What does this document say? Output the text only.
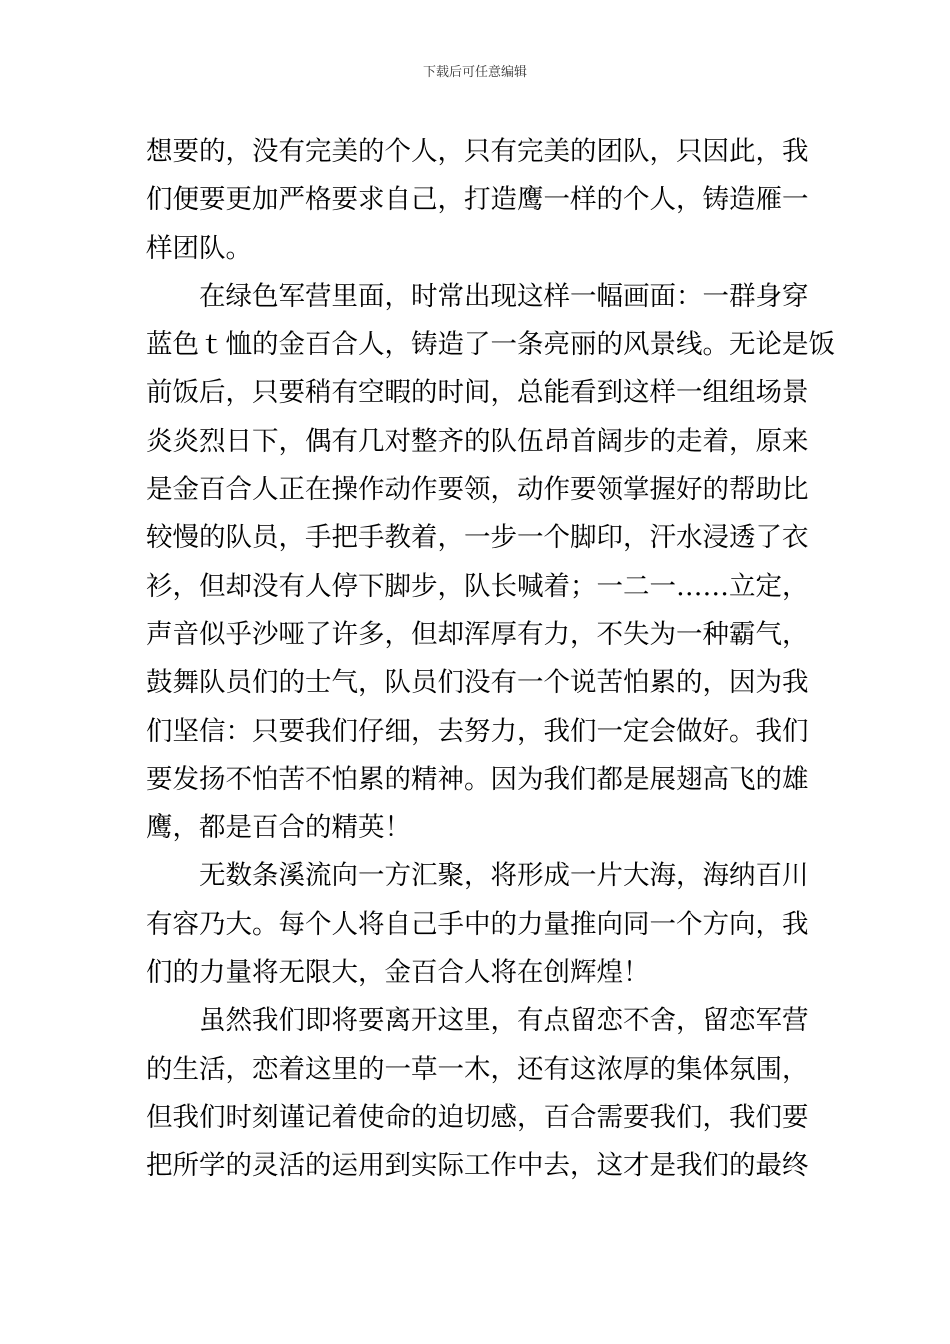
下载后可任意编辑
想要的，没有完美的个人，只有完美的团队，只因此，我
们便要更加严格要求自己，打造鹰一样的个人，铸造雁一
样团队。
在绿色军营里面，时常出现这样一幅画面：一群身穿
蓝色ｔ恤的金百合人，铸造了一条亮丽的风景线。无论是饭
前饭后，只要稍有空暇的时间，总能看到这样一组组场景
炎炎烈日下，偶有几对整齐的队伍昂首阔步的走着，原来
是金百合人正在操作动作要领，动作要领掌握好的帮助比
较慢的队员，手把手教着，一步一个脚印，汗水浸透了衣
衫，但却没有人停下脚步，队长喊着；一二一……立定，
声音似乎沙哑了许多，但却浑厚有力，不失为一种霸气，
鼓舞队员们的士气，队员们没有一个说苦怕累的，因为我
们坚信：只要我们仔细，去努力，我们一定会做好。我们
要发扬不怕苦不怕累的精神。因为我们都是展翅高飞的雄
鹰，都是百合的精英！
无数条溪流向一方汇聚，将形成一片大海，海纳百川
有容乃大。每个人将自己手中的力量推向同一个方向，我
们的力量将无限大，金百合人将在创辉煌！
虽然我们即将要离开这里，有点留恋不舍，留恋军营
的生活，恋着这里的一草一木，还有这浓厚的集体氛围，
但我们时刻谨记着使命的迫切感，百合需要我们，我们要
把所学的灵活的运用到实际工作中去，这才是我们的最终
